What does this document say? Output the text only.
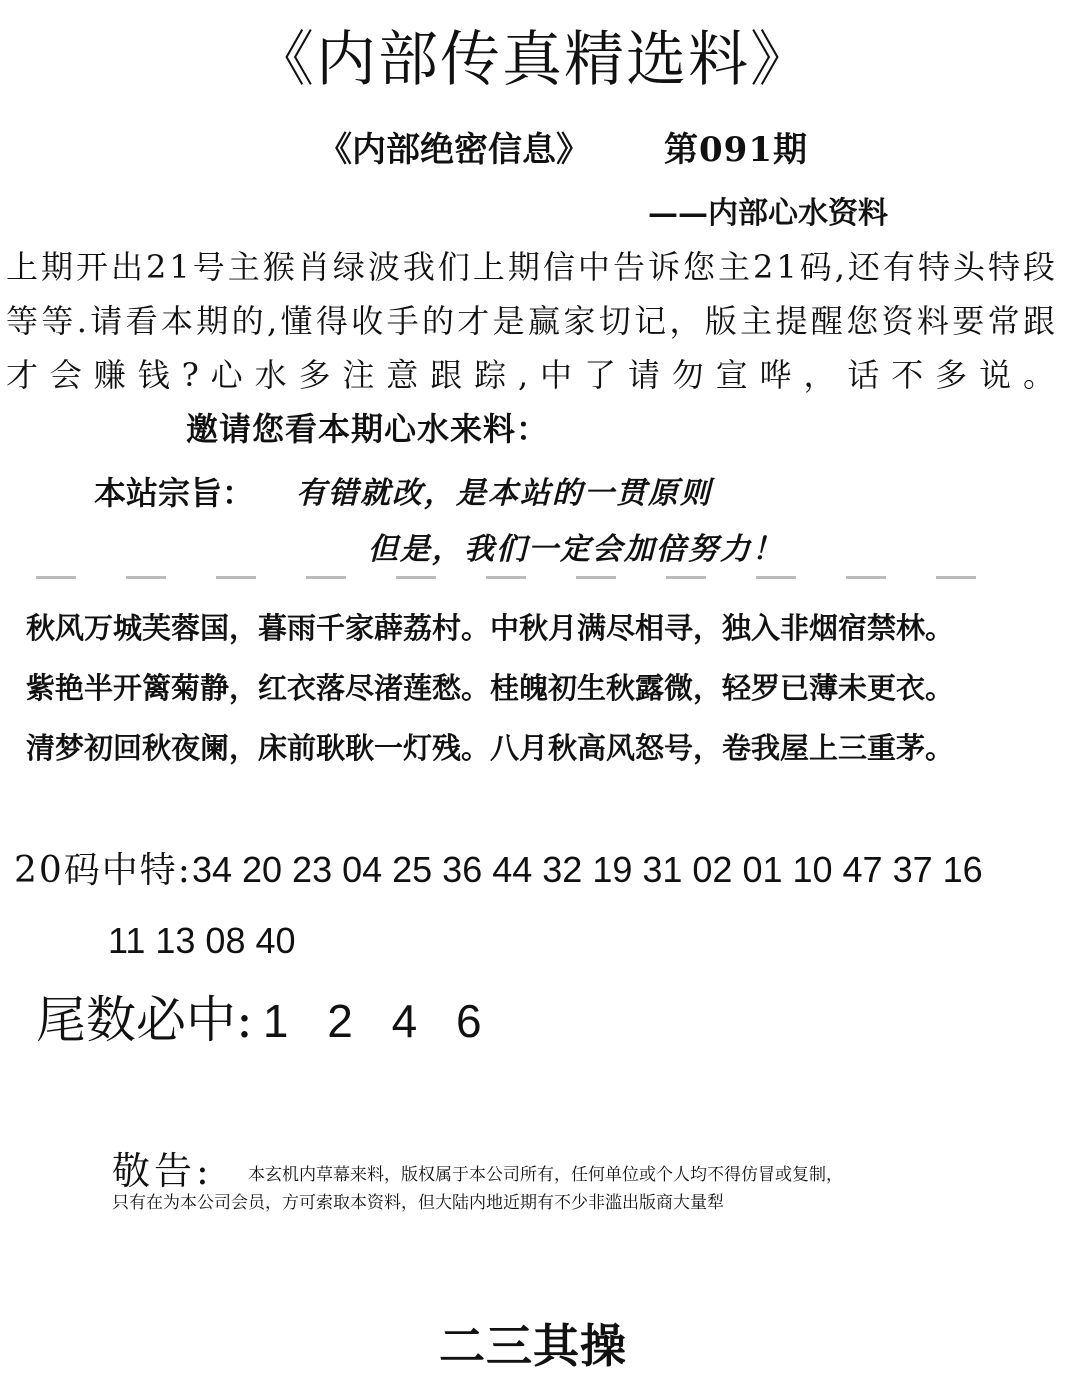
《内部传真精选料》
《内部绝密信息》 第091期
——内部心水资料
上期开出21号主猴肖绿波我们上期信中告诉您主21码,还有特头特段等等.请看本期的,懂得收手的才是赢家切记，版主提醒您资料要常跟才会赚钱?心水多注意跟踪,中了请勿宣哗，话不多说。 邀请您看本期心水来料：
本站宗旨： 有错就改，是本站的一贯原则
但是，我们一定会加倍努力！
秋风万城芙蓉国，暮雨千家薜荔村。中秋月满尽相寻，独入非烟宿禁林。
紫艳半开篱菊静，红衣落尽渚莲愁。桂魄初生秋露微，轻罗已薄未更衣。
清梦初回秋夜阑，床前耿耿一灯残。八月秋高风怒号，卷我屋上三重茅。
20码中特:34 20 23 04 25 36 44 32 19 31 02 01 10 47 37 16
11 13 08 40
尾数必中: 1 2 4 6
敬告: 本玄机内草幕来料，版权属于本公司所有，任何单位或个人均不得仿冒或复制，
只有在为本公司会员，方可索取本资料，但大陆内地近期有不少非滥出版商大量犁
二三其操
